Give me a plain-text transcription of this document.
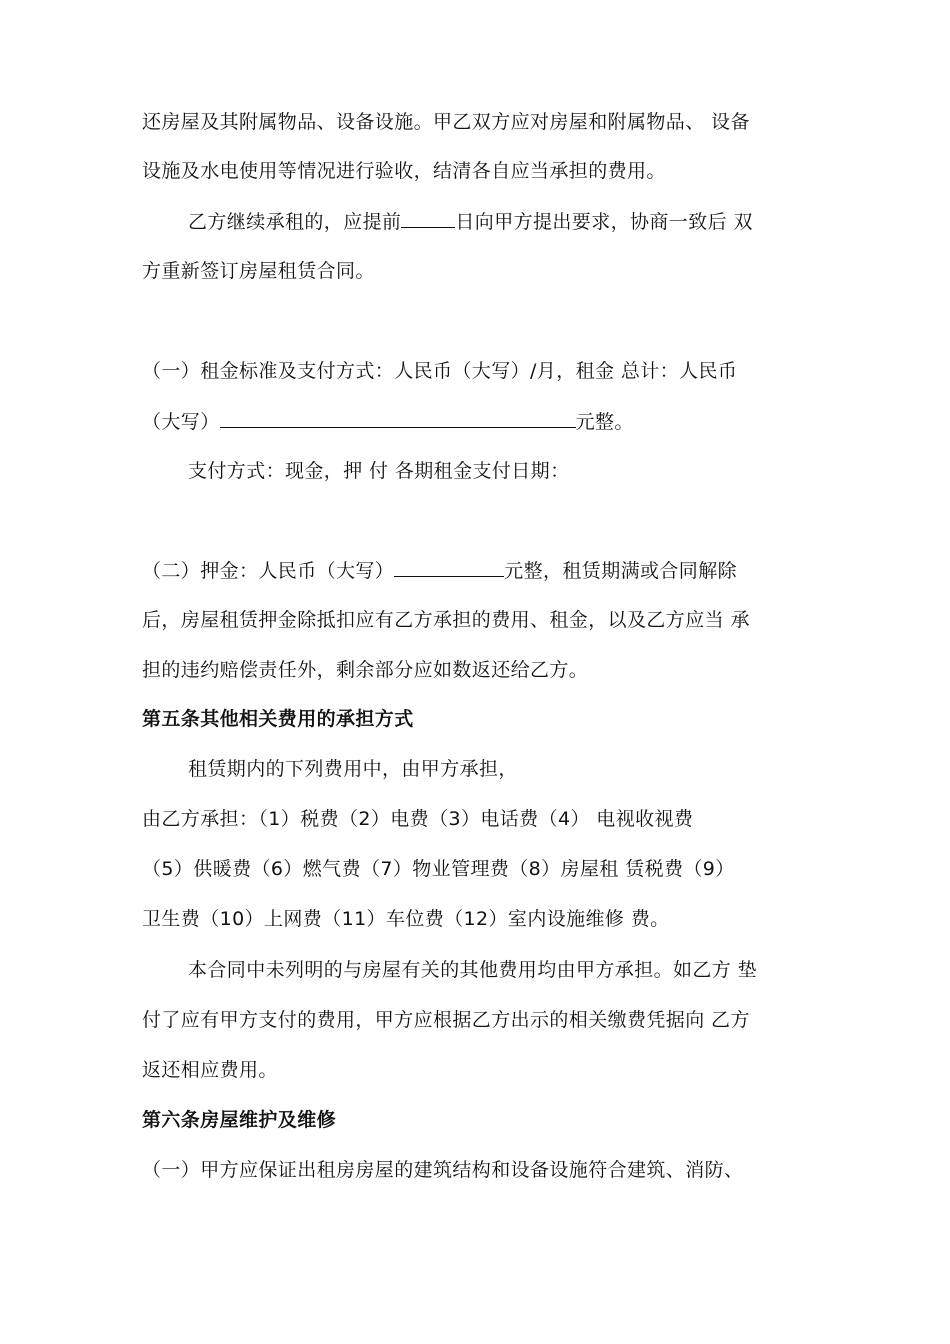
还房屋及其附属物品、设备设施。甲乙双方应对房屋和附属物品、 设备
设施及水电使用等情况进行验收，结清各自应当承担的费用。
乙方继续承租的，应提前	日向甲方提出要求，协商一致后 双
方重新签订房屋租赁合同。
（一）租金标准及支付方式：人民币（大写）/月，租金 总计：人民币
（大写）	元整。
支付方式：现金，押 付 各期租金支付日期：
（二）押金：人民币（大写）	元整，租赁期满或合同解除
后，房屋租赁押金除抵扣应有乙方承担的费用、租金，以及乙方应当 承
担的违约赔偿责任外，剩余部分应如数返还给乙方。
第五条其他相关费用的承担方式
租赁期内的下列费用中，由甲方承担，
由乙方承担：（1）税费（2）电费（3）电话费（4） 电视收视费
（5）供暖费（6）燃气费（7）物业管理费（8）房屋租 赁税费（9）
卫生费（10）上网费（11）车位费（12）室内设施维修 费。
本合同中未列明的与房屋有关的其他费用均由甲方承担。如乙方 垫
付了应有甲方支付的费用，甲方应根据乙方出示的相关缴费凭据向 乙方
返还相应费用。
第六条房屋维护及维修
（一）甲方应保证出租房房屋的建筑结构和设备设施符合建筑、消防、
